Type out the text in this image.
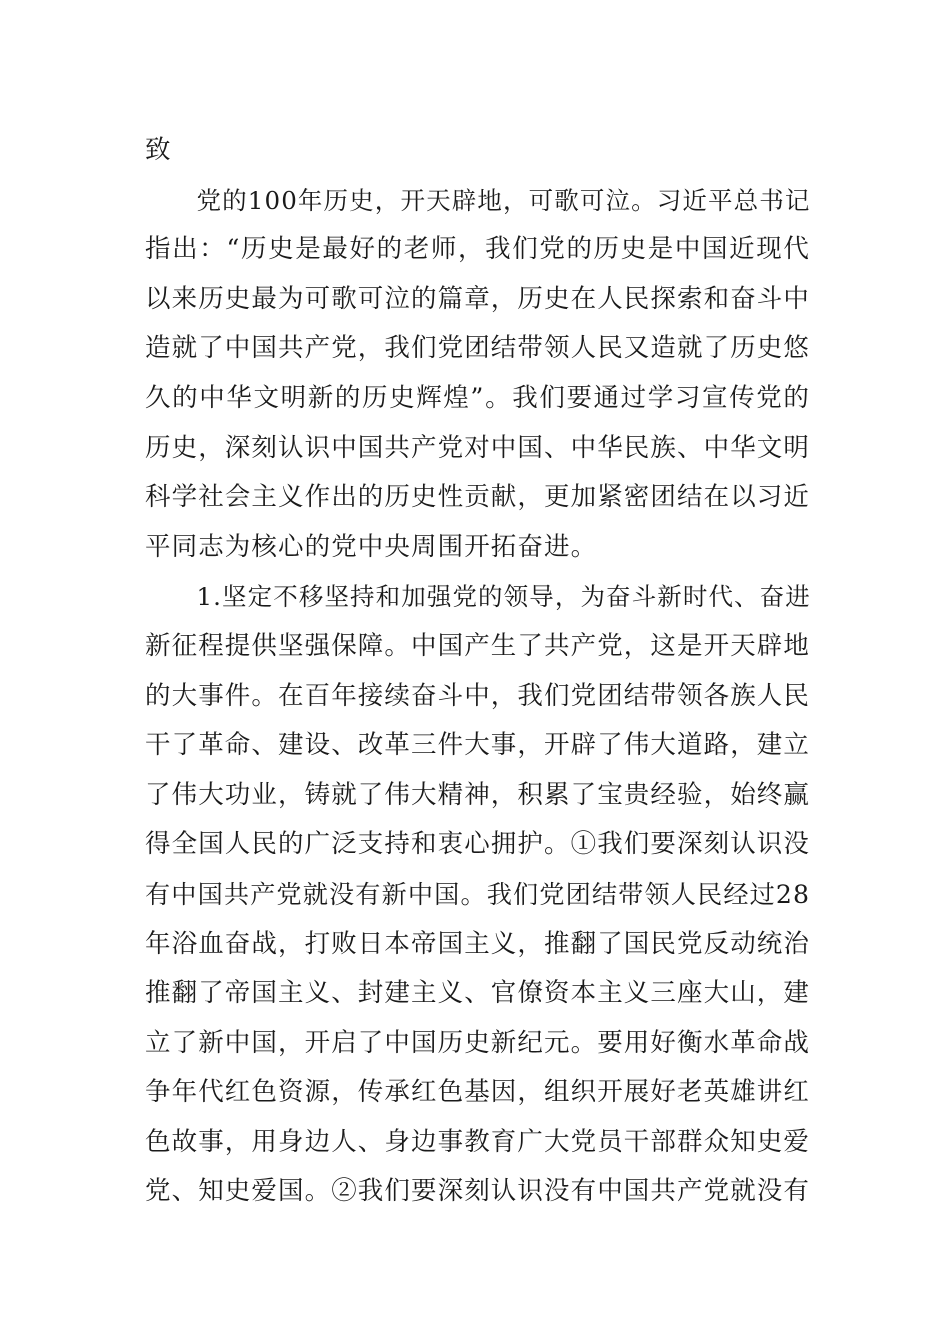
致
党的100年历史，开天辟地，可歌可泣。习近平总书记
指出：“历史是最好的老师，我们党的历史是中国近现代
以来历史最为可歌可泣的篇章，历史在人民探索和奋斗中
造就了中国共产党，我们党团结带领人民又造就了历史悠
久的中华文明新的历史辉煌”。我们要通过学习宣传党的
历史，深刻认识中国共产党对中国、中华民族、中华文明
科学社会主义作出的历史性贡献，更加紧密团结在以习近
平同志为核心的党中央周围开拓奋进。
1.坚定不移坚持和加强党的领导，为奋斗新时代、奋进
新征程提供坚强保障。中国产生了共产党，这是开天辟地
的大事件。在百年接续奋斗中，我们党团结带领各族人民
干了革命、建设、改革三件大事，开辟了伟大道路，建立
了伟大功业，铸就了伟大精神，积累了宝贵经验，始终赢
得全国人民的广泛支持和衷心拥护。①我们要深刻认识没
有中国共产党就没有新中国。我们党团结带领人民经过28
年浴血奋战，打败日本帝国主义，推翻了国民党反动统治
推翻了帝国主义、封建主义、官僚资本主义三座大山，建
立了新中国，开启了中国历史新纪元。要用好衡水革命战
争年代红色资源，传承红色基因，组织开展好老英雄讲红
色故事，用身边人、身边事教育广大党员干部群众知史爱
党、知史爱国。②我们要深刻认识没有中国共产党就没有
